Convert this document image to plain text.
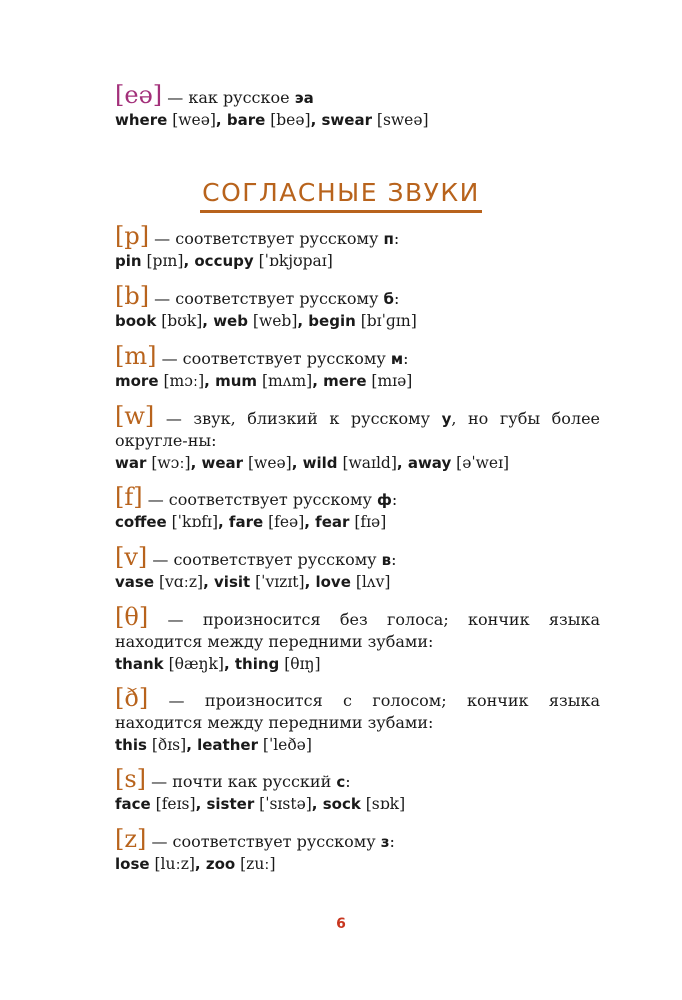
[eə] — как русское эа
where [weə], bare [beə], swear [sweə]
СОГЛАСНЫЕ ЗВУКИ
[p] — соответствует русскому п:
pin [pɪn], occupy [ˈɒkjʊpaɪ]
[b] — соответствует русскому б:
book [bʊk], web [web], begin [bɪˈɡɪn]
[m] — соответствует русскому м:
more [mɔː], mum [mʌm], mere [mɪə]
[w] — звук, близкий к русскому у, но губы более округле-ны:
war [wɔː], wear [weə], wild [waɪld], away [əˈweɪ]
[f] — соответствует русскому ф:
coffee [ˈkɒfɪ], fare [feə], fear [fɪə]
[v] — соответствует русскому в:
vase [vɑːz], visit [ˈvɪzɪt], love [lʌv]
[θ] — произносится без голоса; кончик языка находится между передними зубами:
thank [θæŋk], thing [θɪŋ]
[ð] — произносится с голосом; кончик языка находится между передними зубами:
this [ðɪs], leather [ˈleðə]
[s] — почти как русский с:
face [feɪs], sister [ˈsɪstə], sock [sɒk]
[z] — соответствует русскому з:
lose [luːz], zoo [zuː]
6
